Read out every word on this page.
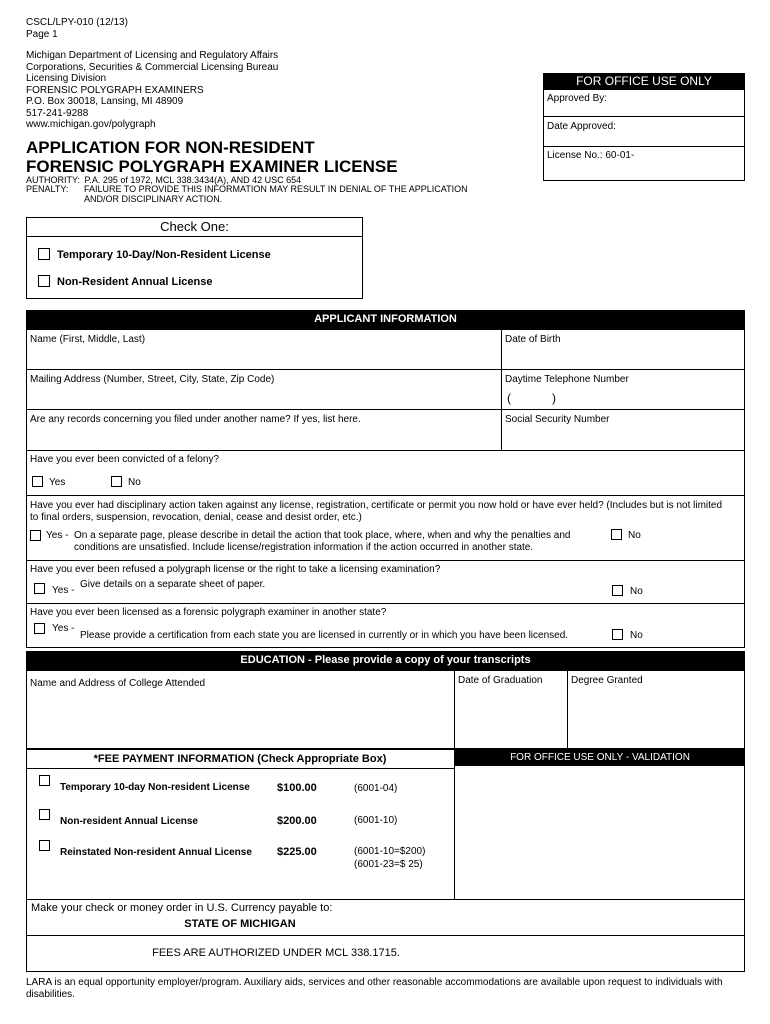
CSCL/LPY-010 (12/13)
Page 1
Michigan Department of Licensing and Regulatory Affairs
Corporations, Securities & Commercial Licensing Bureau
Licensing Division
FORENSIC POLYGRAPH EXAMINERS
P.O. Box 30018, Lansing, MI 48909
517-241-9288
www.michigan.gov/polygraph
APPLICATION FOR NON-RESIDENT
FORENSIC POLYGRAPH EXAMINER LICENSE
AUTHORITY: P.A. 295 of 1972, MCL 338.3434(A), AND 42 USC 654
PENALTY: FAILURE TO PROVIDE THIS INFORMATION MAY RESULT IN DENIAL OF THE APPLICATION
AND/OR DISCIPLINARY ACTION.
FOR OFFICE USE ONLY
Approved By:
Date Approved:
License No.: 60-01-
Check One:
Temporary 10-Day/Non-Resident License
Non-Resident Annual License
APPLICANT INFORMATION
Name (First, Middle, Last)	Date of Birth
Mailing Address (Number, Street, City, State, Zip Code)	Daytime Telephone Number
(	)
Are any records concerning you filed under another name? If yes, list here.	Social Security Number
Have you ever been convicted of a felony?
Yes	No
Have you ever had disciplinary action taken against any license, registration, certificate or permit you now hold or have ever held? (Includes but is not limited
to final orders, suspension, revocation, denial, cease and desist order, etc.)
Yes - On a separate page, please describe in detail the action that took place, where, when and why the penalties and
conditions are unsatisfied. Include license/registration information if the action occurred in another state.
No
Have you ever been refused a polygraph license or the right to take a licensing examination?
Yes -
Give details on a separate sheet of paper.
No
Have you ever been licensed as a forensic polygraph examiner in another state?
Yes -
Please provide a certification from each state you are licensed in currently or in which you have been licensed.	No
EDUCATION - Please provide a copy of your transcripts
Name and Address of College Attended	Date of Graduation	Degree Granted
*FEE PAYMENT INFORMATION (Check Appropriate Box)	FOR OFFICE USE ONLY - VALIDATION
Temporary 10-day Non-resident License $100.00	(6001-04)
Non-resident Annual License	$200.00	(6001-10)
Reinstated Non-resident Annual License $225.00	(6001-10=$200)
(6001-23=$ 25)
Make your check or money order in U.S. Currency payable to:
STATE OF MICHIGAN
FEES ARE AUTHORIZED UNDER MCL 338.1715.
LARA is an equal opportunity employer/program. Auxiliary aids, services and other reasonable accommodations are available upon request to individuals with
disabilities.
